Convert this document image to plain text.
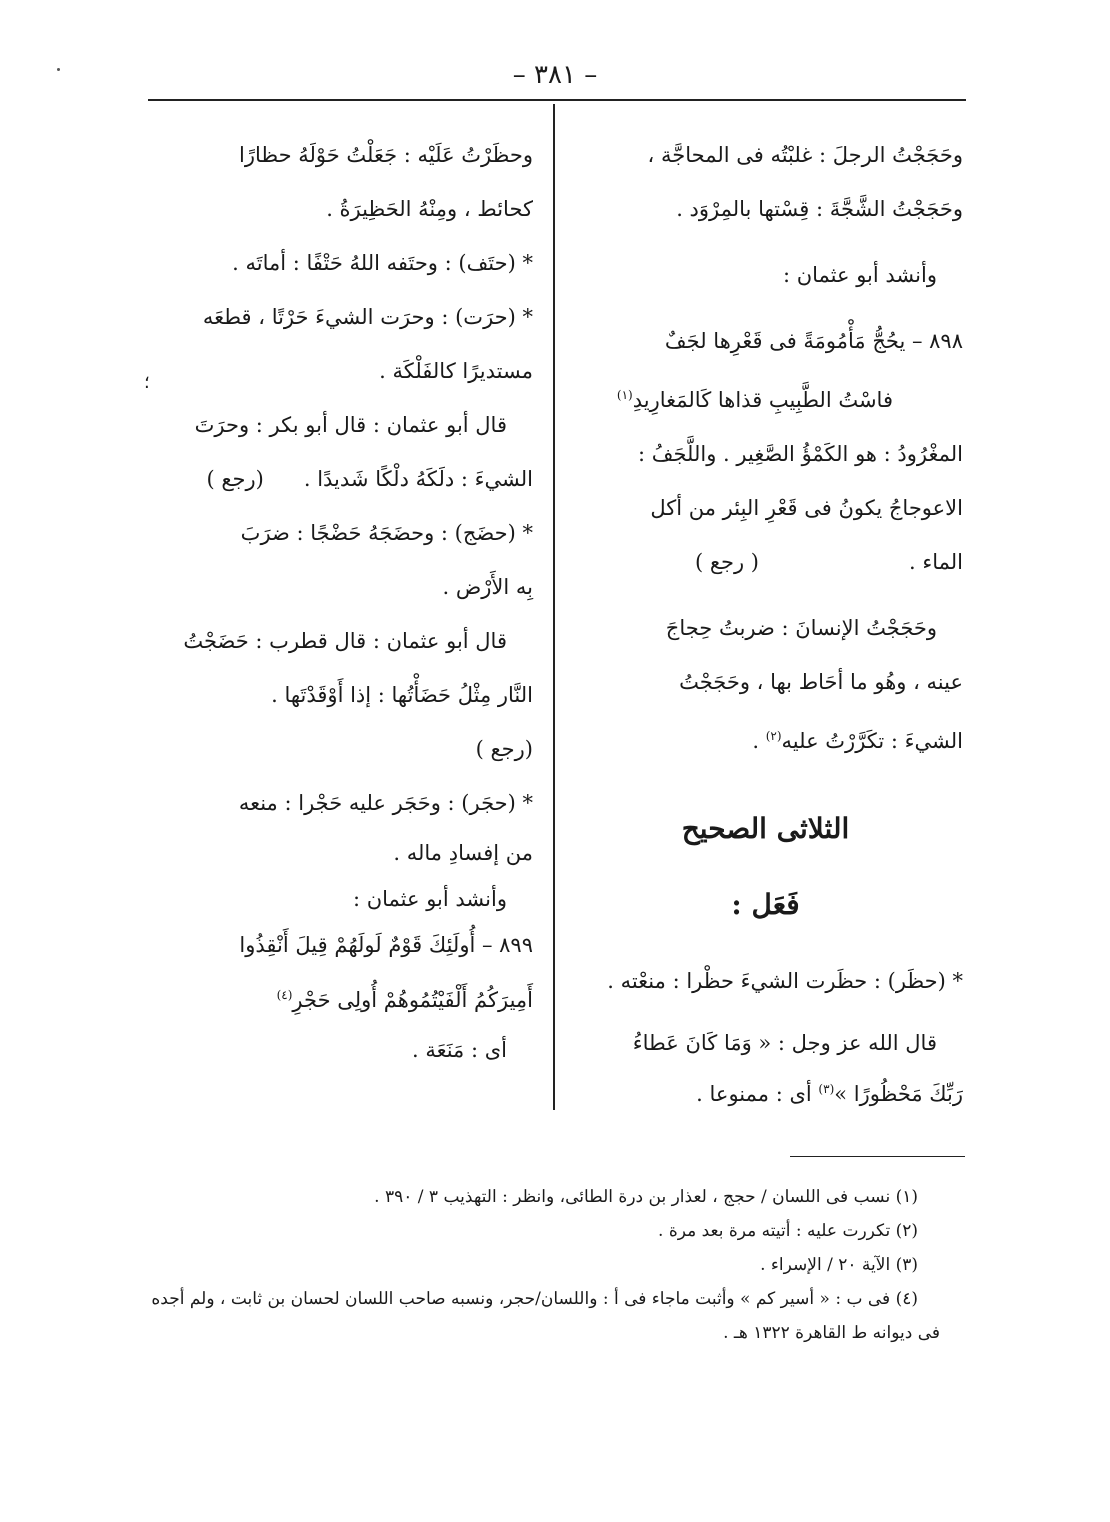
– ٣٨١ –

وحَجَجْتُ الرجلَ : غلبْتُه فى المحاجَّة ،

وحَجَجْتُ الشَّجَّةَ : قِسْتها بالمِرْوَد .

وأنشد أبو عثمان :

٨٩٨ – يحُجُّ مَأْمُومَةً فى قَعْرِها لجَفٌ

فاسْتُ الطَّبِيبِ قذاها كَالمَغارِيدِ$^{(١)}$

المغْرُودُ : هو الكَمْؤُ الصَّغِير . واللَّجَفُ :

الاعوجاجُ يكونُ فى قَعْرِ البِئر من أكل

الماء .( رجع )

وحَجَجْتُ الإنسانَ : ضربتُ حِجاجَ

عينه ، وهُو ما أحَاط بها ، وحَجَجْتُ

الشيءَ : تكَرَّرْتُ عليه$^{(٢)}$ .

الثلاثى الصحيح
فَعَل :

* (حظَر) : حظَرت الشيءَ حظْرا : منعْته .

قال الله عز وجل : « وَمَا كَانَ عَطاءُ

رَبِّكَ مَحْظُورًا »$^{(٣)}$ أى : ممنوعا .

وحظَرْتُ عَلَيْه : جَعَلْتُ حَوْلَهُ حظارًا

كحائط ، ومِنْهُ الحَظِيرَةُ .

* (حتَف) : وحتَفه اللهُ حَتْفًا : أماتَه .

* (حرَت) : وحرَت الشيءَ حَرْتًا ، قطعَه

مستديرًا كالفَلْكَة .

قال أبو عثمان : قال أبو بكر : وحرَتَ

الشيءَ : دلَكَهُ دلْكًا شَديدًا .(رجع )

* (حضَج) : وحضَجَهُ حَضْجًا : ضرَبَ

بِه الأَرْض .

قال أبو عثمان : قال قطرب : حَضَجْتُ

النَّار مِثْلُ حَضَأْتُها : إذا أَوْقَدْتَها .

(رجع )

* (حجَر) : وحَجَر عليه حَجْرا : منعه

من إفسادِ ماله .

وأنشد أبو عثمان :

٨٩٩ – أُولَئِكَ قَوْمٌ لَولَهُمْ قِيلَ أَنْقِذُوا

أَمِيرَكُمُ أَلْفَيْتُمُوهُمْ أُولِى حَجْرِ$^{(٤)}$

أى : مَنَعَة .

؛

(١) نسب فى اللسان / حجج ، لعذار بن درة الطائى، وانظر : التهذيب ٣ / ٣٩٠ .

(٢) تكررت عليه : أتيته مرة بعد مرة .

(٣) الآية ٢٠ / الإسراء .

(٤) فى ب : « أسير كم » وأثبت ماجاء فى أ : واللسان/حجر، ونسبه صاحب اللسان لحسان بن ثابت ، ولم أجده

فى ديوانه ط القاهرة ١٣٢٢ هـ .
